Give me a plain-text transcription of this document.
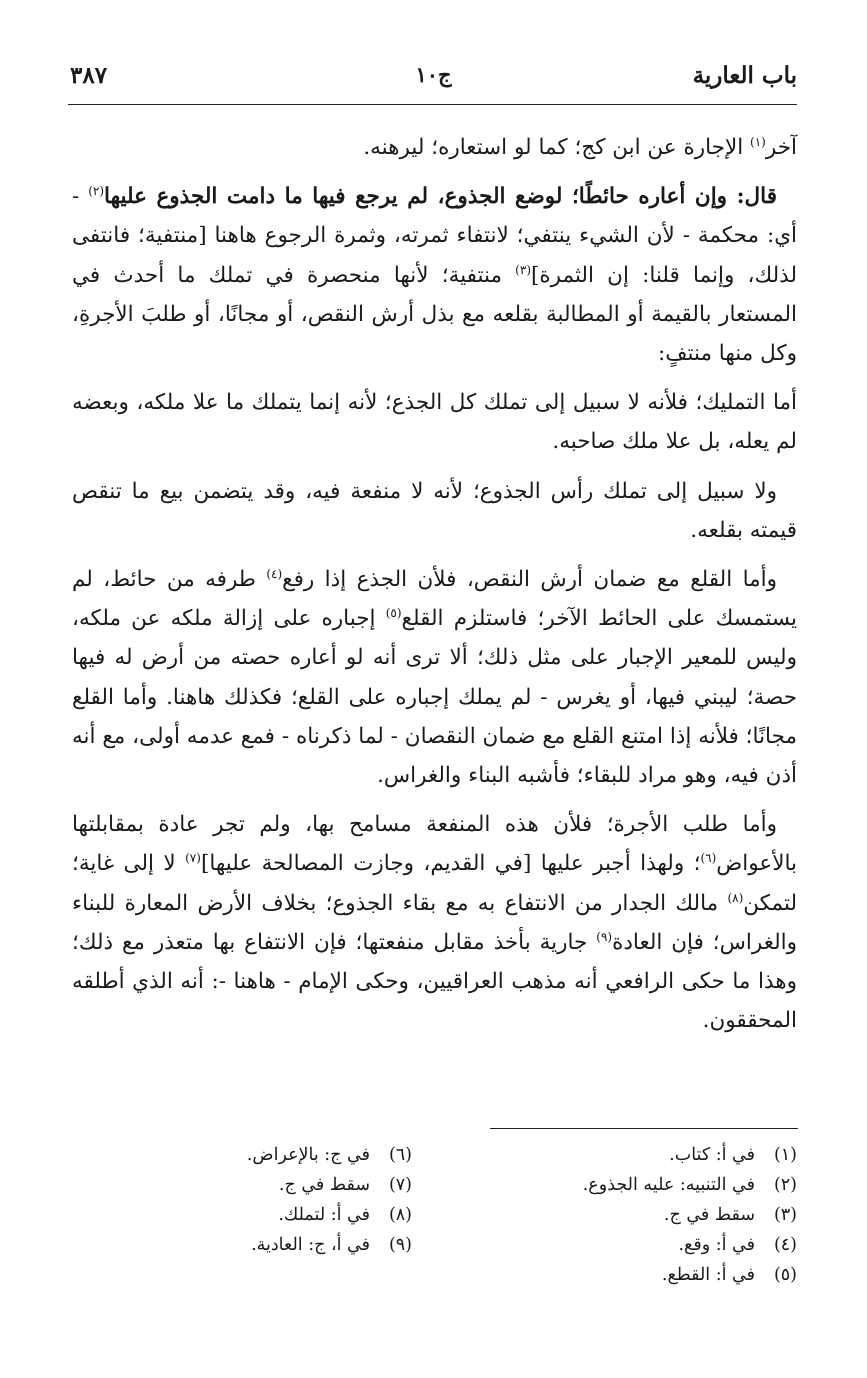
باب العارية
ج١٠
٣٨٧

آخر$^{(١)}$ الإجارة عن ابن كج؛ كما لو استعاره؛ ليرهنه.

قال: وإن أعاره حائطًا؛ لوضع الجذوع، لم يرجع فيها ما دامت الجذوع عليها$^{(٢)}$ - أي: محكمة - لأن الشيء ينتفي؛ لانتفاء ثمرته، وثمرة الرجوع هاهنا [منتفية؛ فانتفى لذلك، وإنما قلنا: إن الثمرة]$^{(٣)}$ منتفية؛ لأنها منحصرة في تملك ما أحدث في المستعار بالقيمة أو المطالبة بقلعه مع بذل أرش النقص، أو مجانًا، أو طلبَ الأجرةِ، وكل منها منتفٍ:

أما التمليك؛ فلأنه لا سبيل إلى تملك كل الجذع؛ لأنه إنما يتملك ما علا ملكه، وبعضه لم يعله، بل علا ملك صاحبه.

ولا سبيل إلى تملك رأس الجذوع؛ لأنه لا منفعة فيه، وقد يتضمن بيع ما تنقص قيمته بقلعه.

وأما القلع مع ضمان أرش النقص، فلأن الجذع إذا رفع$^{(٤)}$ طرفه من حائط، لم يستمسك على الحائط الآخر؛ فاستلزم القلع$^{(٥)}$ إجباره على إزالة ملكه عن ملكه، وليس للمعير الإجبار على مثل ذلك؛ ألا ترى أنه لو أعاره حصته من أرض له فيها حصة؛ ليبني فيها، أو يغرس - لم يملك إجباره على القلع؛ فكذلك هاهنا. وأما القلع مجانًا؛ فلأنه إذا امتنع القلع مع ضمان النقصان - لما ذكرناه - فمع عدمه أولى، مع أنه أذن فيه، وهو مراد للبقاء؛ فأشبه البناء والغراس.

وأما طلب الأجرة؛ فلأن هذه المنفعة مسامح بها، ولم تجر عادة بمقابلتها بالأعواض$^{(٦)}$؛ ولهذا أجبر عليها [في القديم، وجازت المصالحة عليها]$^{(٧)}$ لا إلى غاية؛ لتمكن$^{(٨)}$ مالك الجدار من الانتفاع به مع بقاء الجذوع؛ بخلاف الأرض المعارة للبناء والغراس؛ فإن العادة$^{(٩)}$ جارية بأخذ مقابل منفعتها؛ فإن الانتفاع بها متعذر مع ذلك؛ وهذا ما حكى الرافعي أنه مذهب العراقيين، وحكى الإمام - هاهنا -: أنه الذي أطلقه المحققون.

(١)في أ: كتاب.
(٢)في التنبيه: عليه الجذوع.
(٣)سقط في ج.
(٤)في أ: وقع.
(٥)في أ: القطع.
(٦)في ج: بالإعراض.
(٧)سقط في ج.
(٨)في أ: لتملك.
(٩)في أ، ج: العادية.
